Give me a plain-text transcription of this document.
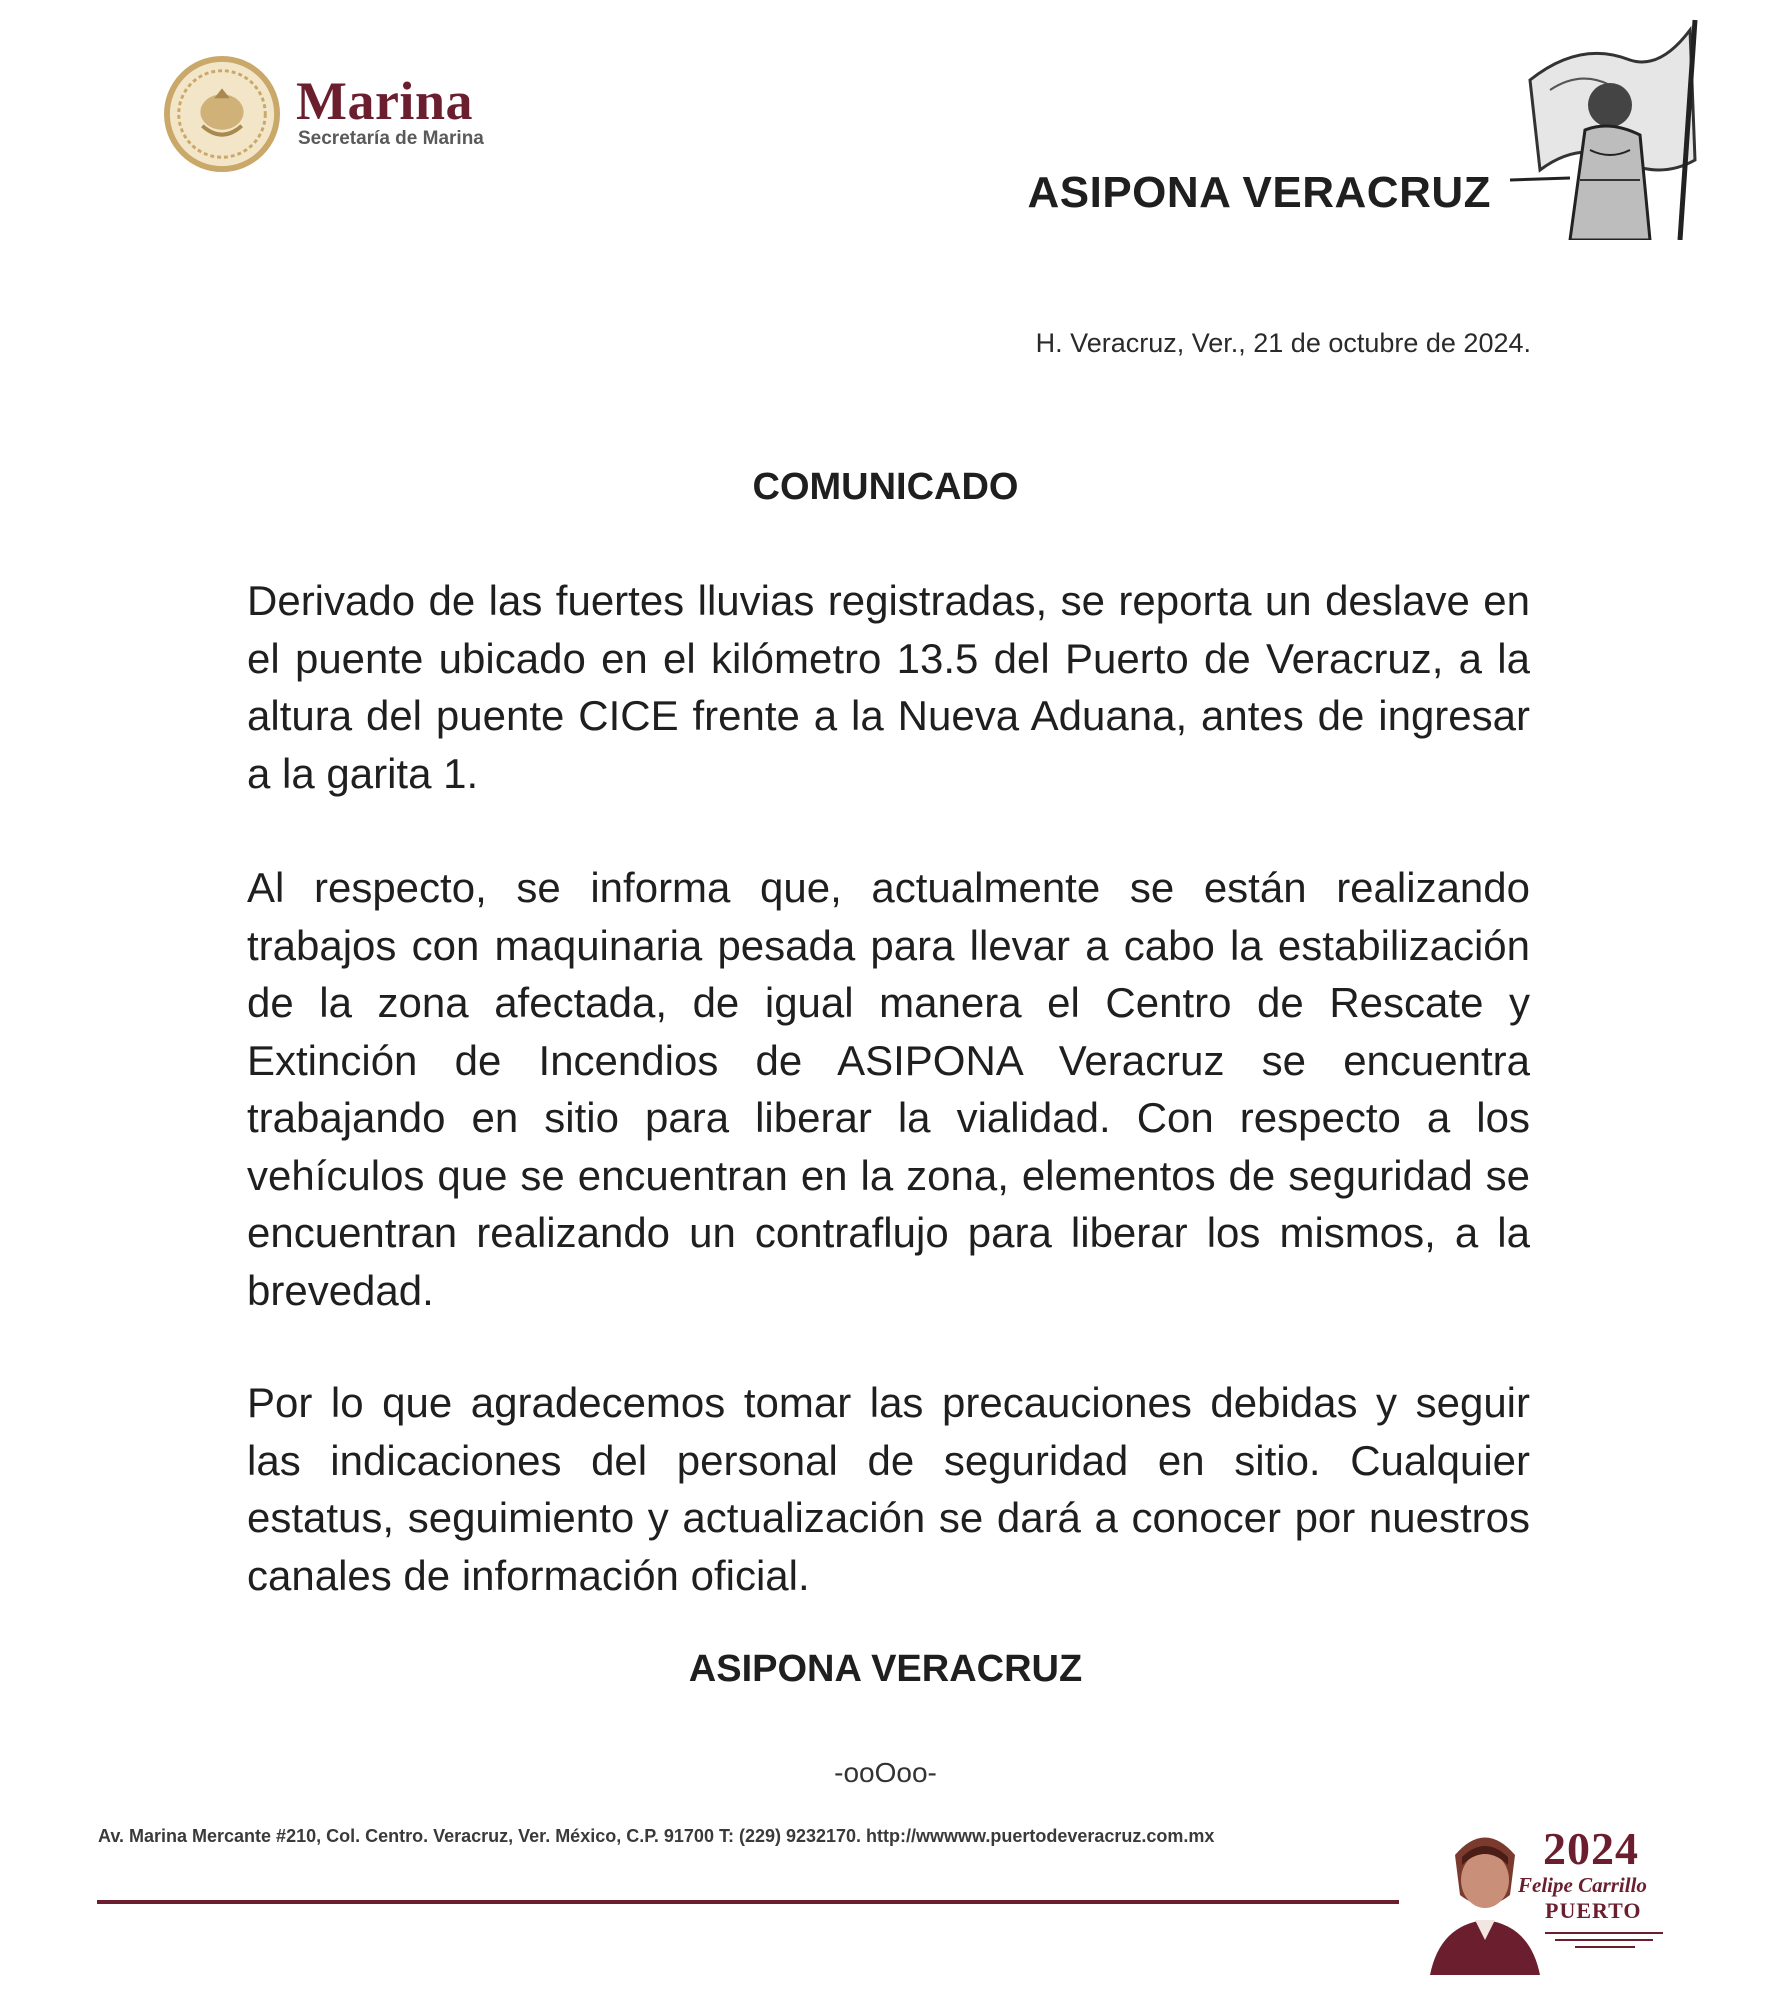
Marina
Secretaría de Marina
ASIPONA VERACRUZ
H. Veracruz, Ver., 21 de octubre de 2024.
COMUNICADO

Derivado de las fuertes lluvias registradas, se reporta un deslave en el puente ubicado en el kilómetro 13.5 del Puerto de Veracruz, a la altura del puente CICE frente a la Nueva Aduana, antes de ingresar a la garita 1.

Al respecto, se informa que, actualmente se están realizando trabajos con maquinaria pesada para llevar a cabo la estabilización de la zona afectada, de igual manera el Centro de Rescate y Extinción de Incendios de ASIPONA Veracruz se encuentra trabajando en sitio para liberar la vialidad. Con respecto a los vehículos que se encuentran en la zona, elementos de seguridad se encuentran realizando un contraflujo para liberar los mismos, a la brevedad.

Por lo que agradecemos tomar las precauciones debidas y seguir las indicaciones del personal de seguridad en sitio. Cualquier estatus, seguimiento y actualización se dará a conocer por nuestros canales de información oficial.

ASIPONA VERACRUZ
-ooOoo-
Av. Marina Mercante #210, Col. Centro. Veracruz, Ver. México, C.P. 91700 T: (229) 9232170. http://wwwww.puertodeveracruz.com.mx	2024
Felipe Carrillo
PUERTO
